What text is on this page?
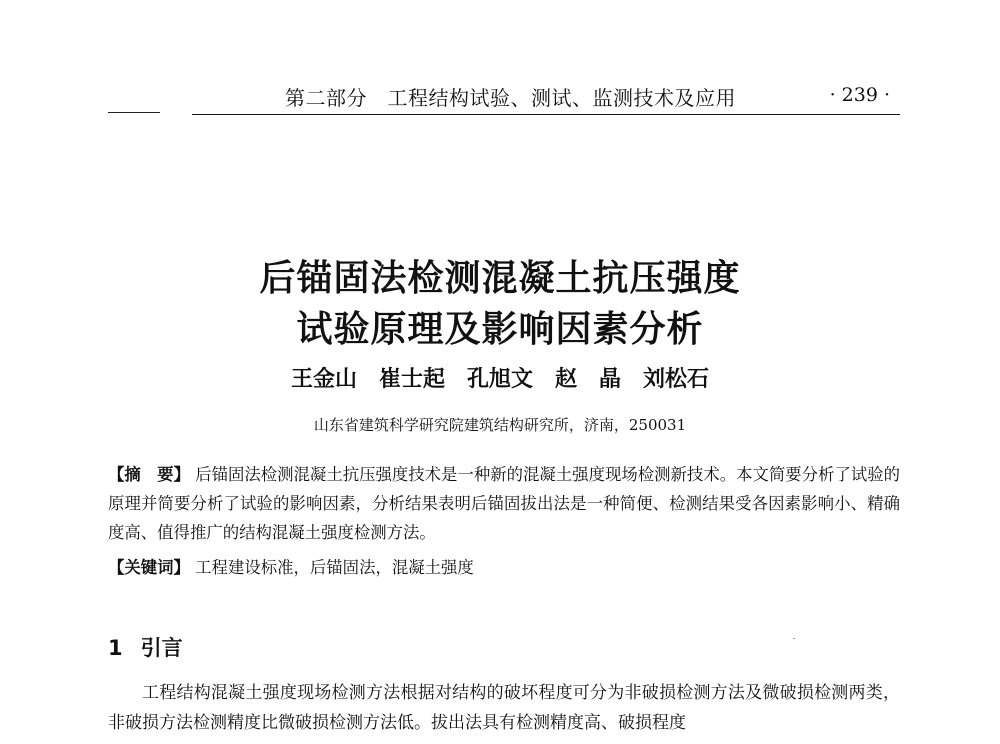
第二部分　工程结构试验、测试、监测技术及应用	· 239 ·
后锚固法检测混凝土抗压强度
试验原理及影响因素分析
王金山　崔士起　孔旭文　赵　晶　刘松石
山东省建筑科学研究院建筑结构研究所，济南，250031
【摘　要】 后锚固法检测混凝土抗压强度技术是一种新的混凝土强度现场检测新技术。本文简要分析了试验的原理并简要分析了试验的影响因素，分析结果表明后锚固拔出法是一种简便、检测结果受各因素影响小、精确度高、值得推广的结构混凝土强度检测方法。
【关键词】 工程建设标准，后锚固法，混凝土强度
1 引言
工程结构混凝土强度现场检测方法根据对结构的破坏程度可分为非破损检测方法及微破损检测两类，非破损方法检测精度比微破损检测方法低。拔出法具有检测精度高、破损程度
